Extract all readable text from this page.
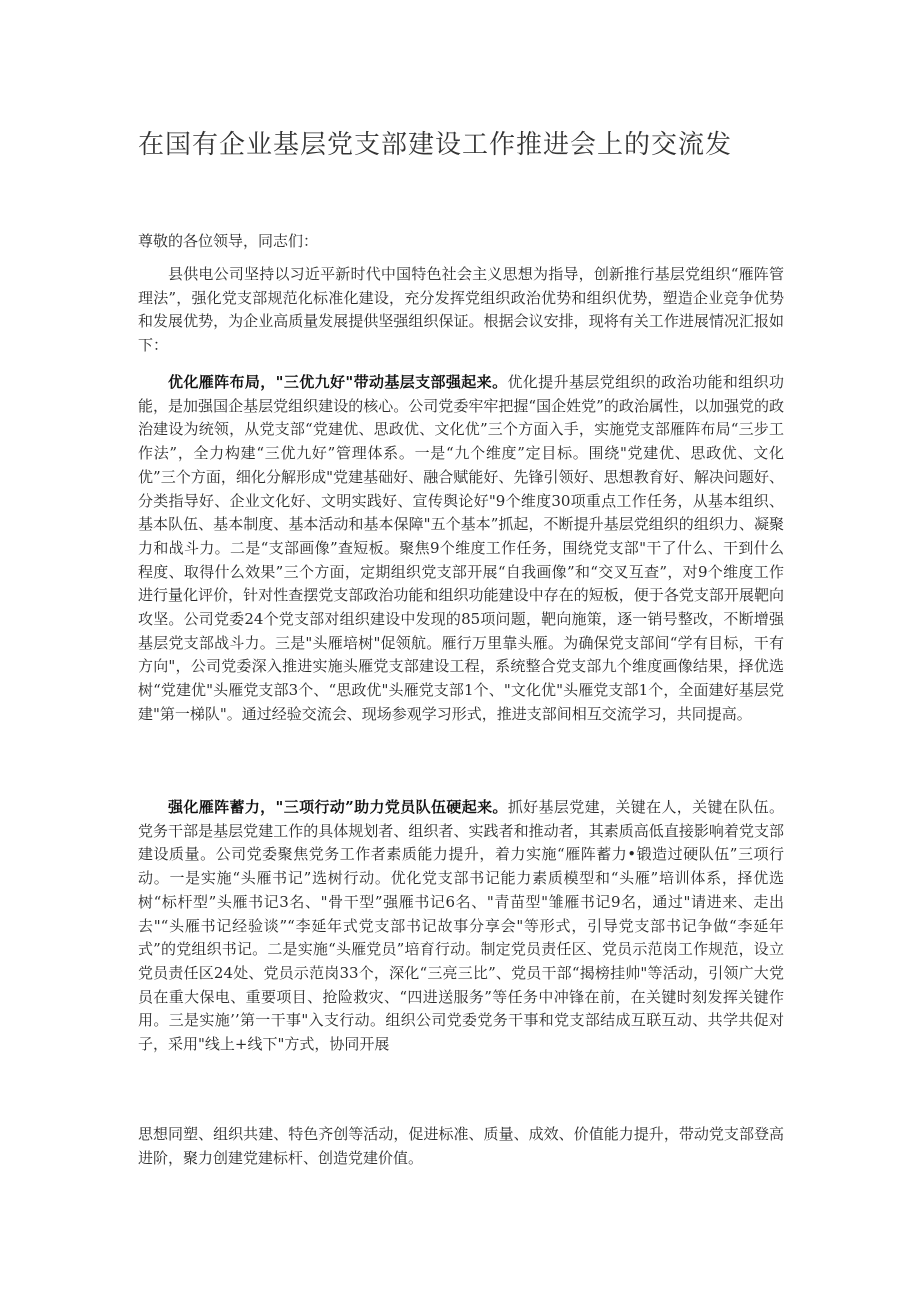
在国有企业基层党支部建设工作推进会上的交流发

尊敬的各位领导，同志们：

县供电公司坚持以习近平新时代中国特色社会主义思想为指导，创新推行基层党组织“雁阵管理法”，强化党支部规范化标准化建设，充分发挥党组织政治优势和组织优势，塑造企业竞争优势和发展优势，为企业高质量发展提供坚强组织保证。根据会议安排，现将有关工作进展情况汇报如下：

优化雁阵布局，"三优九好"带动基层支部强起来。优化提升基层党组织的政治功能和组织功能，是加强国企基层党组织建设的核心。公司党委牢牢把握“国企姓党”的政治属性，以加强党的政治建设为统领，从党支部“党建优、思政优、文化优”三个方面入手，实施党支部雁阵布局“三步工作法”，全力构建“三优九好”管理体系。一是“九个维度”定目标。围绕"党建优、思政优、文化优”三个方面，细化分解形成"党建基础好、融合赋能好、先锋引领好、思想教育好、解决问题好、分类指导好、企业文化好、文明实践好、宣传舆论好"9个维度30项重点工作任务，从基本组织、基本队伍、基本制度、基本活动和基本保障"五个基本”抓起，不断提升基层党组织的组织力、凝聚力和战斗力。二是“支部画像”查短板。聚焦9个维度工作任务，围绕党支部"干了什么、干到什么程度、取得什么效果”三个方面，定期组织党支部开展“自我画像”和“交叉互查”，对9个维度工作进行量化评价，针对性查摆党支部政治功能和组织功能建设中存在的短板，便于各党支部开展靶向攻坚。公司党委24个党支部对组织建设中发现的85项问题，靶向施策，逐一销号整改，不断增强基层党支部战斗力。三是"头雁培树"促领航。雁行万里靠头雁。为确保党支部间“学有目标，干有方向"，公司党委深入推进实施头雁党支部建设工程，系统整合党支部九个维度画像结果，择优选树“党建优"头雁党支部3个、“思政优"头雁党支部1个、"文化优"头雁党支部1个，全面建好基层党建"第一梯队"。通过经验交流会、现场参观学习形式，推进支部间相互交流学习，共同提高。

强化雁阵蓄力，"三项行动”助力党员队伍硬起来。抓好基层党建，关键在人，关键在队伍。党务干部是基层党建工作的具体规划者、组织者、实践者和推动者，其素质高低直接影响着党支部建设质量。公司党委聚焦党务工作者素质能力提升，着力实施“雁阵蓄力•锻造过硬队伍”三项行动。一是实施“头雁书记”选树行动。优化党支部书记能力素质模型和“头雁”培训体系，择优选树“标杆型”头雁书记3名、"骨干型”强雁书记6名、"青苗型"雏雁书记9名，通过"请进来、走出去"“头雁书记经验谈”“李延年式党支部书记故事分享会"等形式，引导党支部书记争做“李延年式”的党组织书记。二是实施“头雁党员”培育行动。制定党员责任区、党员示范岗工作规范，设立党员责任区24处、党员示范岗33个，深化“三亮三比”、党员干部“揭榜挂帅"等活动，引领广大党员在重大保电、重要项目、抢险救灾、“四进送服务”等任务中冲锋在前，在关键时刻发挥关键作用。三是实施’’第一干事"入支行动。组织公司党委党务干事和党支部结成互联互动、共学共促对子，采用"线上+线下"方式，协同开展

思想同塑、组织共建、特色齐创等活动，促进标准、质量、成效、价值能力提升，带动党支部登高进阶，聚力创建党建标杆、创造党建价值。
